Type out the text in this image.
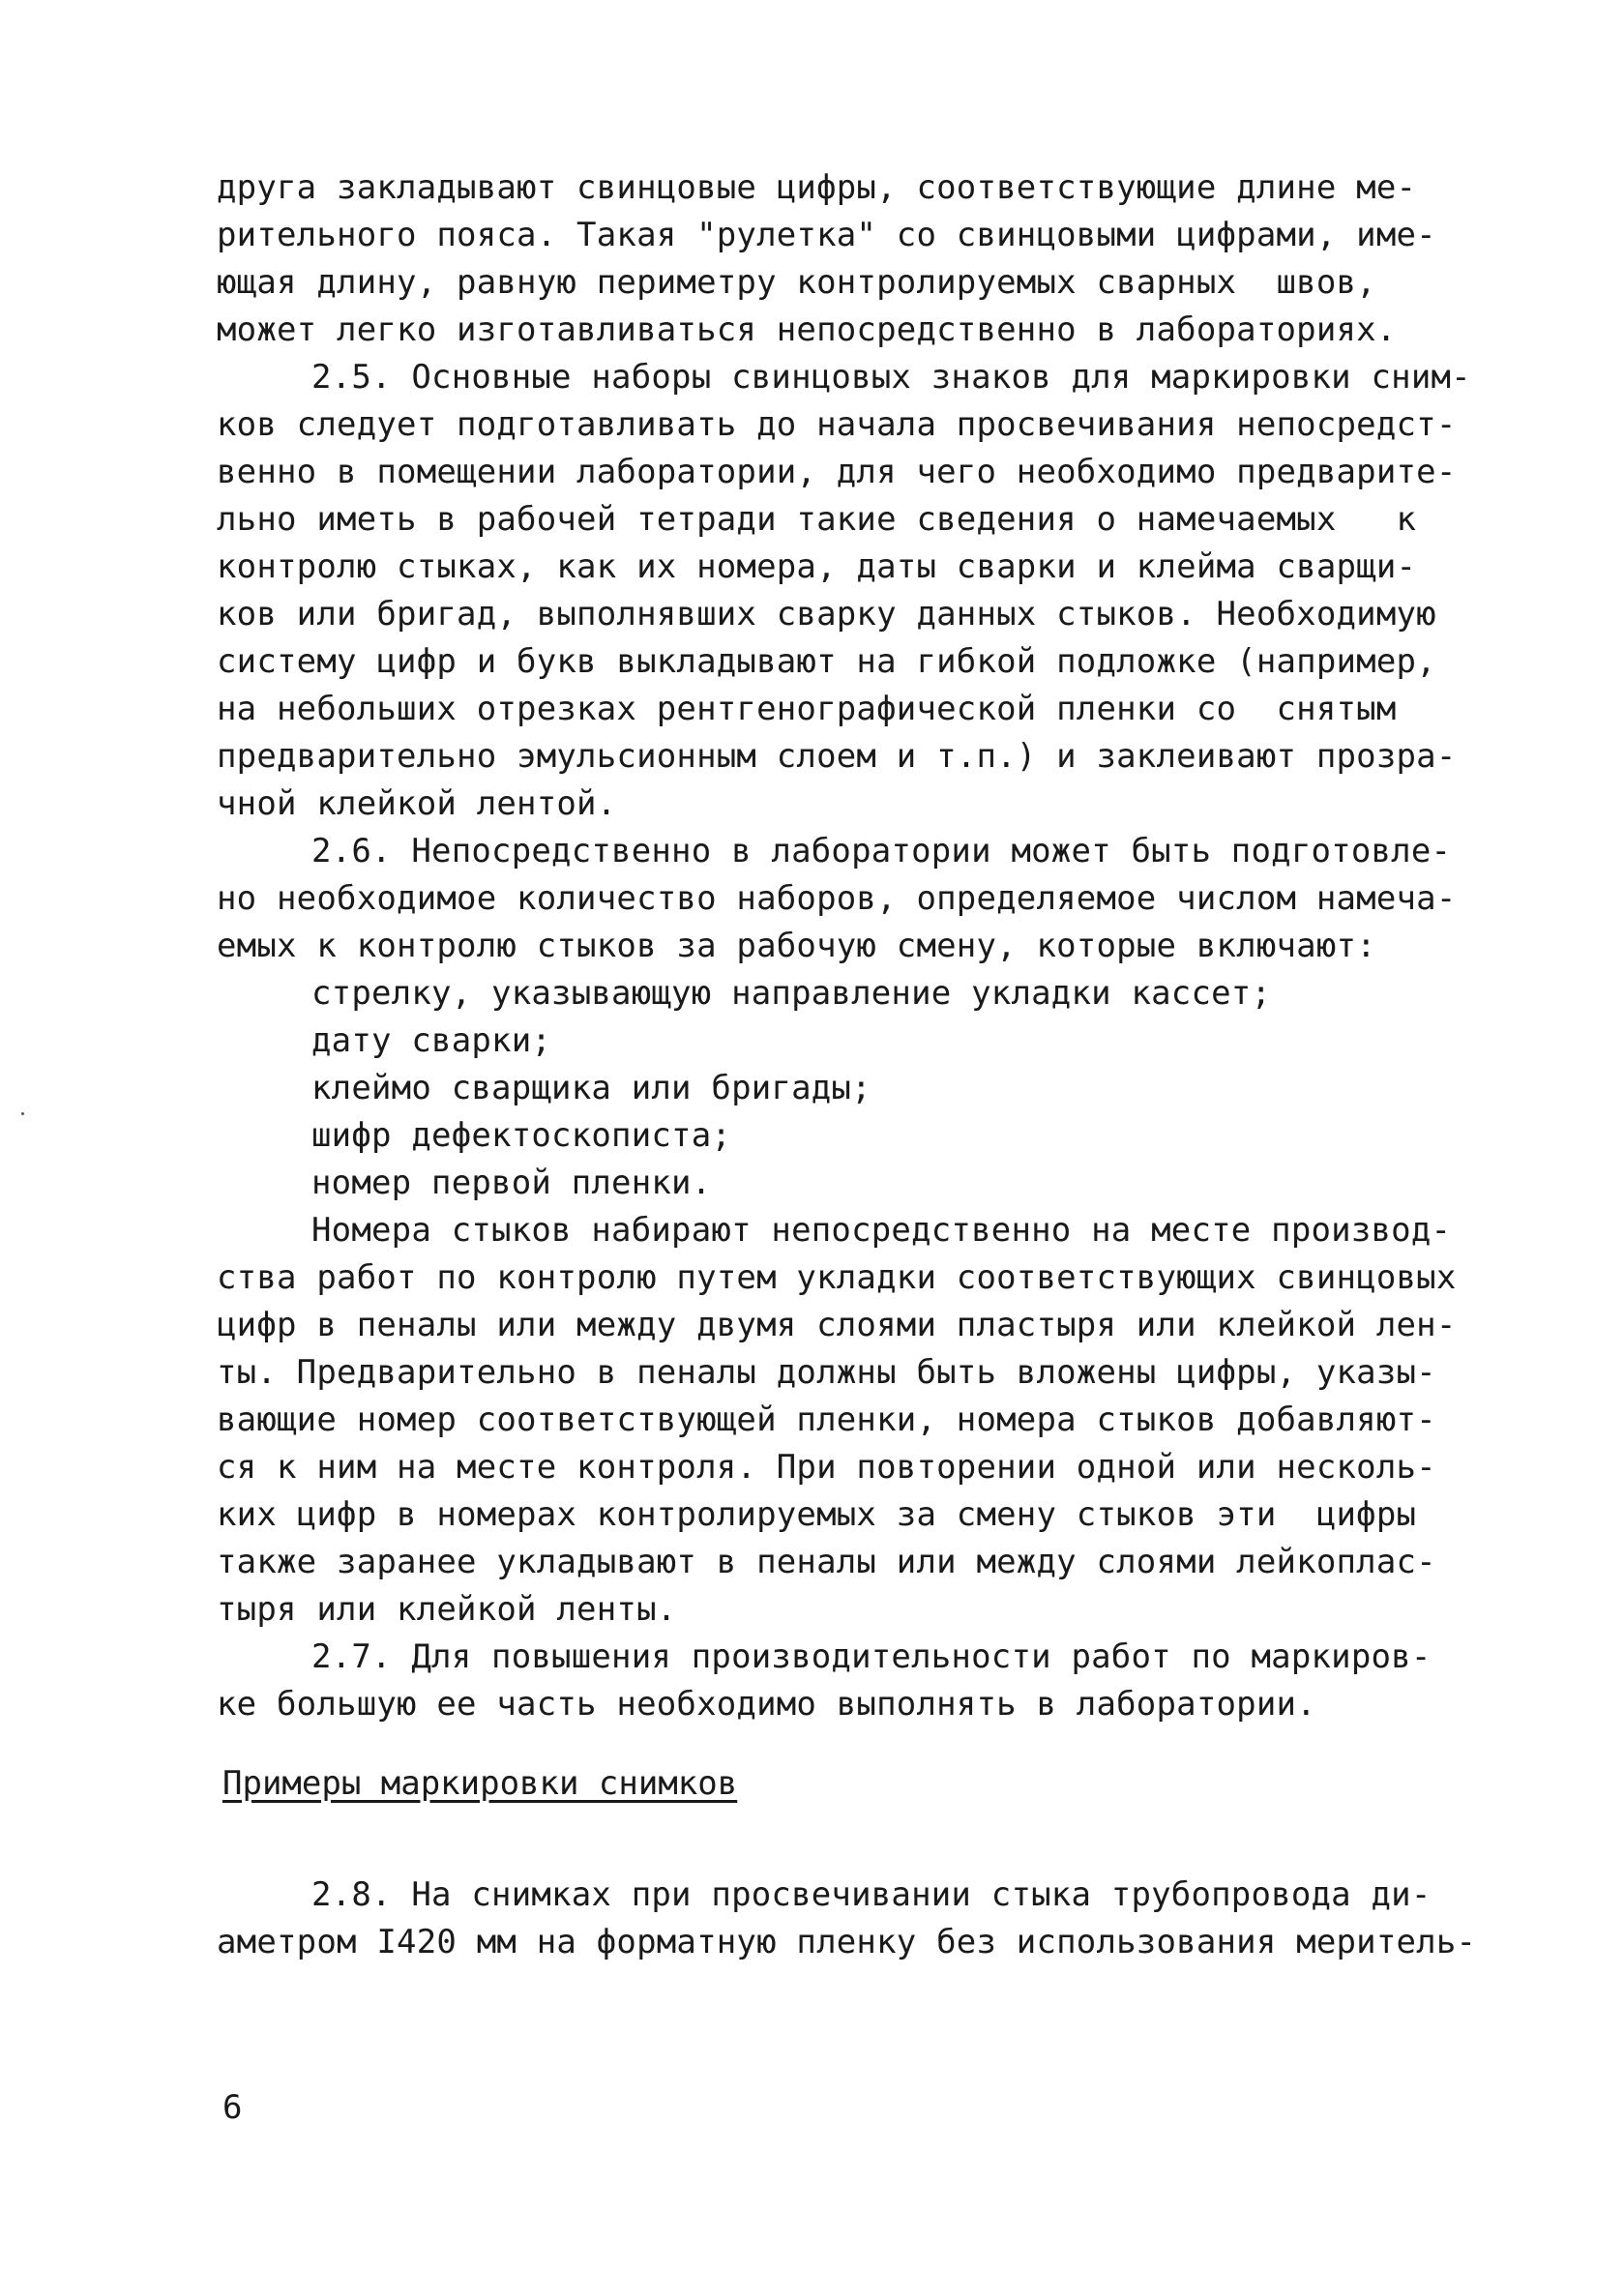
друга закладывают свинцовые цифры, соответствующие длине ме-
рительного пояса. Такая "рулетка" со свинцовыми цифрами, име-
ющая длину, равную периметру контролируемых сварных  швов,
может легко изготавливаться непосредственно в лабораториях.
2.5. Основные наборы свинцовых знаков для маркировки сним-
ков следует подготавливать до начала просвечивания непосредст-
венно в помещении лаборатории, для чего необходимо предварите-
льно иметь в рабочей тетради такие сведения о намечаемых   к
контролю стыках, как их номера, даты сварки и клейма сварщи-
ков или бригад, выполнявших сварку данных стыков. Необходимую
систему цифр и букв выкладывают на гибкой подложке (например,
на небольших отрезках рентгенографической пленки со  снятым
предварительно эмульсионным слоем и т.п.) и заклеивают прозра-
чной клейкой лентой.
2.6. Непосредственно в лаборатории может быть подготовле-
но необходимое количество наборов, определяемое числом намеча-
емых к контролю стыков за рабочую смену, которые включают:
стрелку, указывающую направление укладки кассет;
дату сварки;
клеймо сварщика или бригады;
шифр дефектоскописта;
номер первой пленки.
Номера стыков набирают непосредственно на месте производ-
ства работ по контролю путем укладки соответствующих свинцовых
цифр в пеналы или между двумя слоями пластыря или клейкой лен-
ты. Предварительно в пеналы должны быть вложены цифры, указы-
вающие номер соответствующей пленки, номера стыков добавляют-
ся к ним на месте контроля. При повторении одной или несколь-
ких цифр в номерах контролируемых за смену стыков эти  цифры
также заранее укладывают в пеналы или между слоями лейкоплас-
тыря или клейкой ленты.
2.7. Для повышения производительности работ по маркиров-
ке большую ее часть необходимо выполнять в лаборатории.
Примеры маркировки снимков
2.8. На снимках при просвечивании стыка трубопровода ди-
аметром I420 мм на форматную пленку без использования мeритель-
6
